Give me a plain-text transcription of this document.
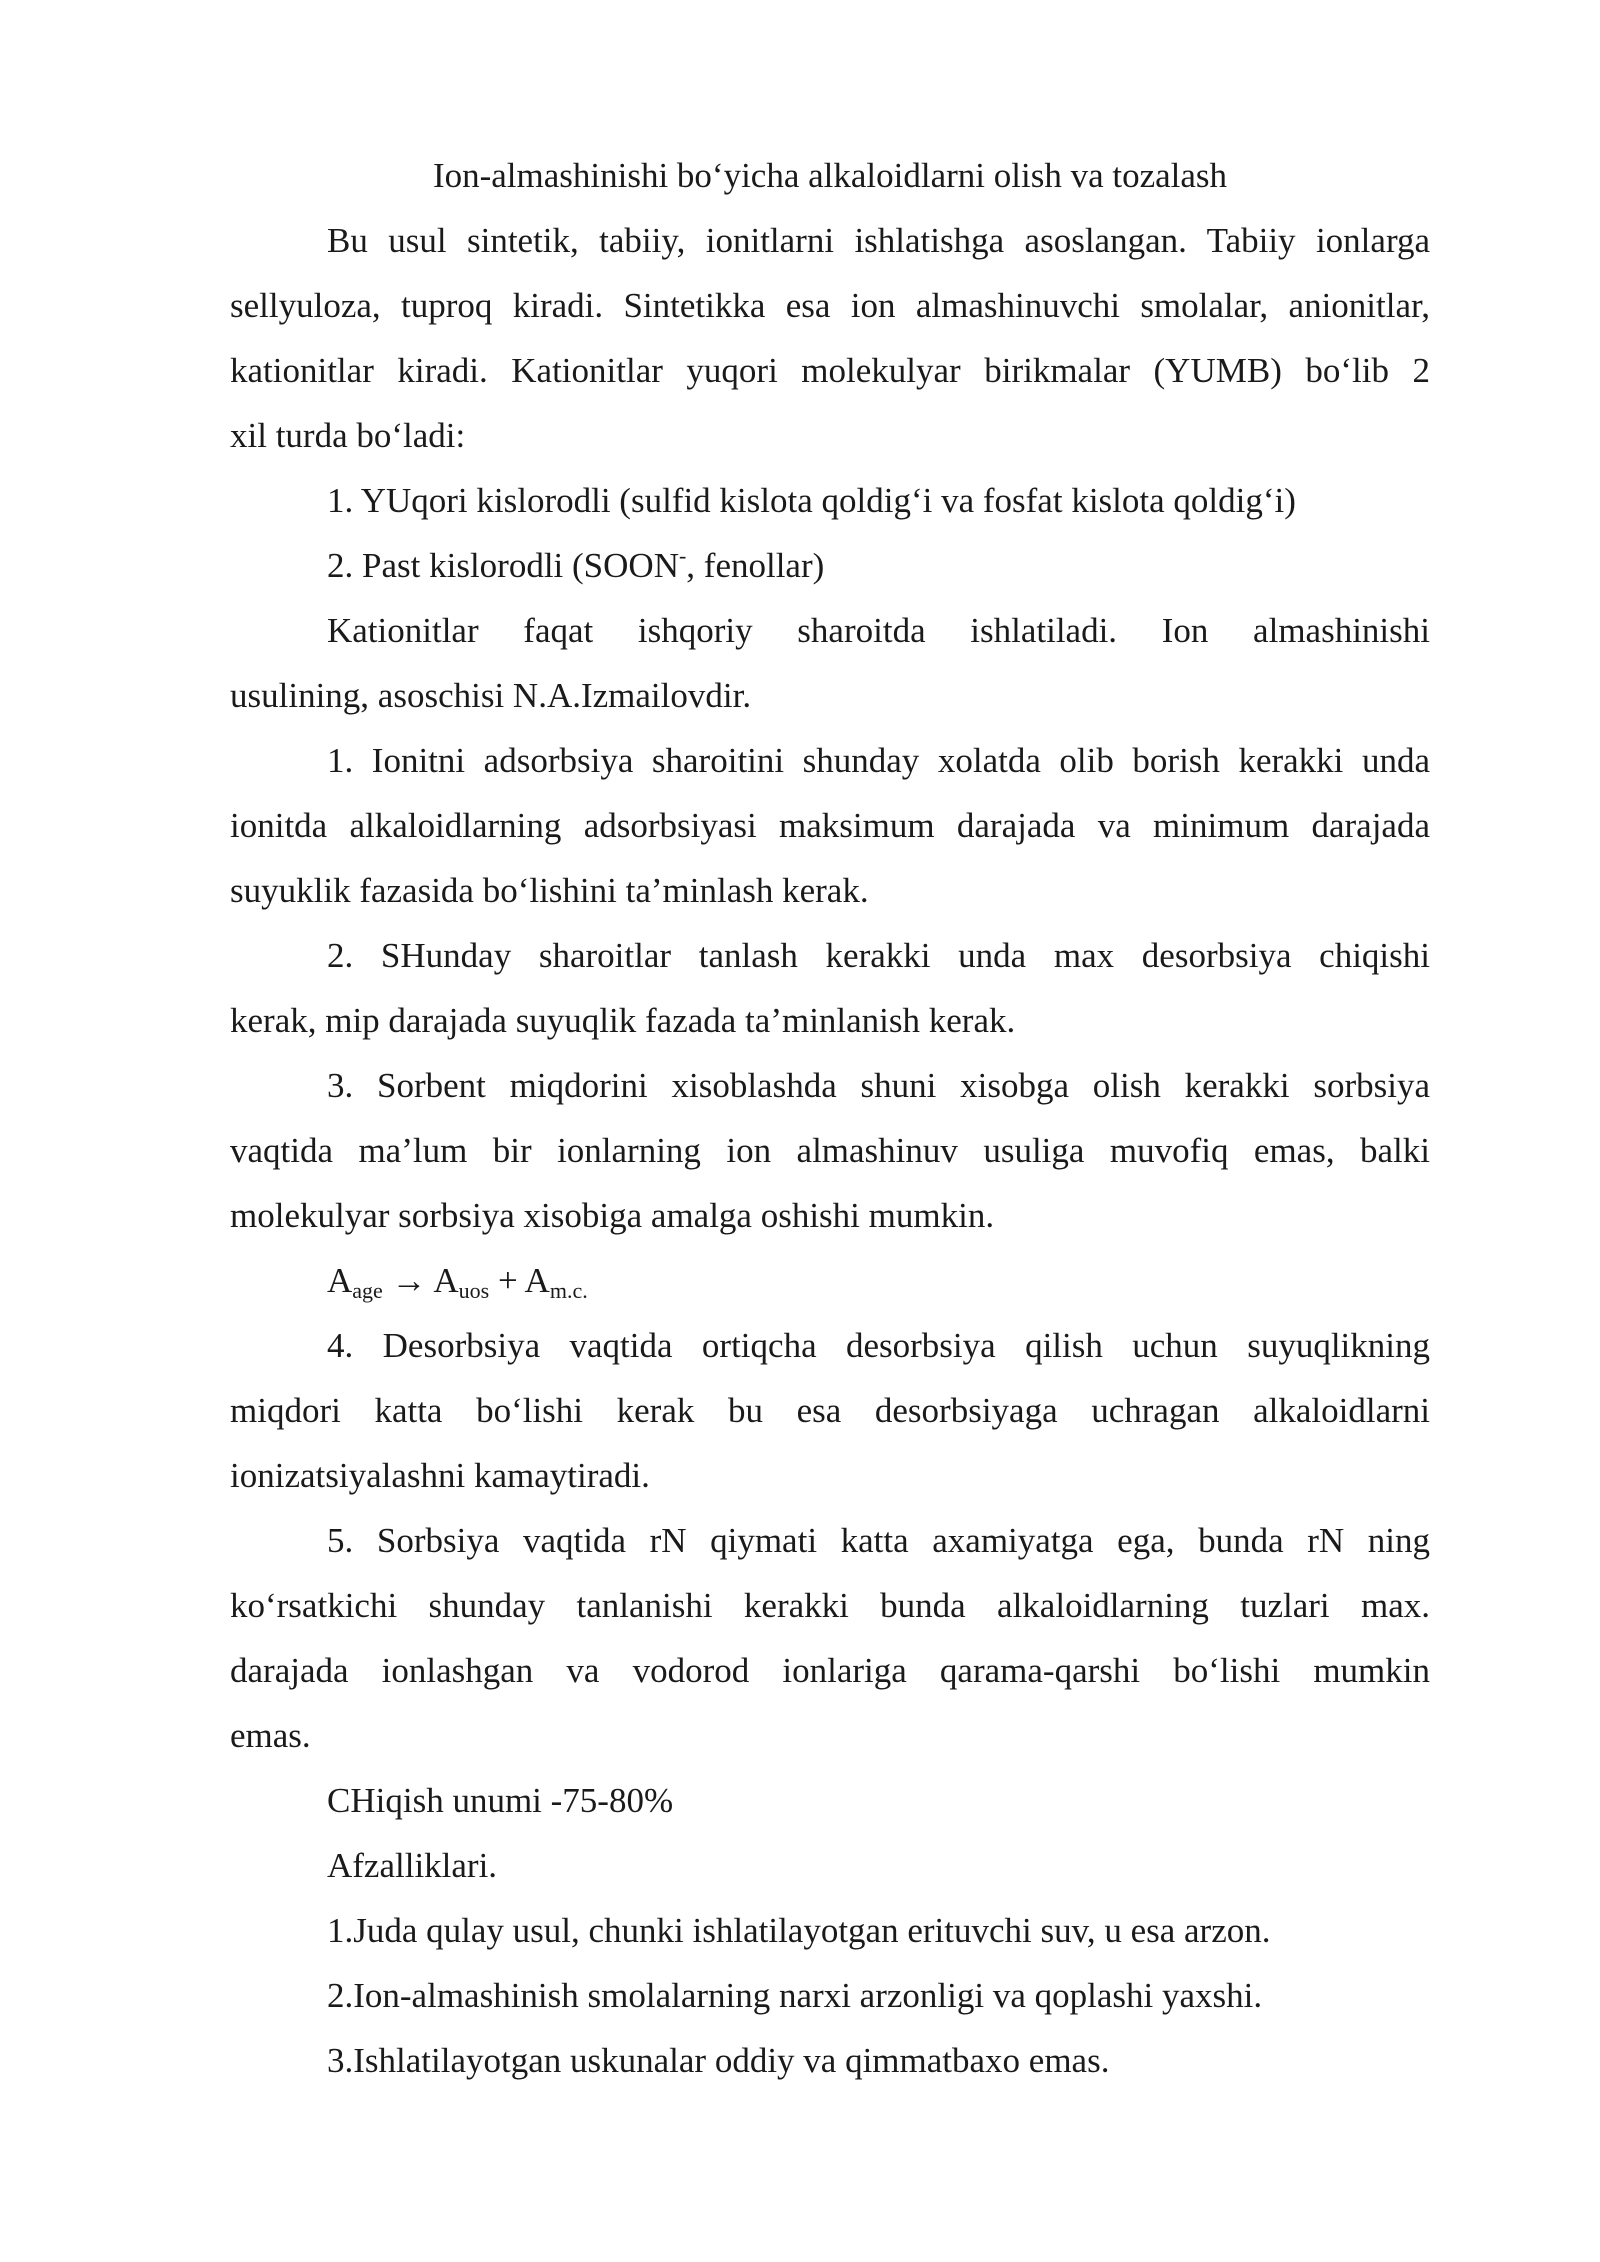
Ion-almashinishi bo‘yicha alkaloidlarni olish va tozalash
Bu usul sintetik, tabiiy, ionitlarni ishlatishga asoslangan. Tabiiy ionlarga
sellyuloza, tuproq kiradi. Sintetikka esa ion almashinuvchi smolalar, anionitlar,
kationitlar kiradi. Kationitlar yuqori molekulyar birikmalar (YUMB) bo‘lib 2
xil turda bo‘ladi:
1. YUqori kislorodli (sulfid kislota qoldig‘i va fosfat kislota qoldig‘i)
2. Past kislorodli (SOON-, fenollar)
Kationitlar faqat ishqoriy sharoitda ishlatiladi. Ion almashinishi
usulining, asoschisi N.A.Izmailovdir.
1. Ionitni adsorbsiya sharoitini shunday xolatda olib borish kerakki unda
ionitda alkaloidlarning adsorbsiyasi maksimum darajada va minimum darajada
suyuklik fazasida bo‘lishini ta’minlash kerak.
2. SHunday sharoitlar tanlash kerakki unda max desorbsiya chiqishi
kerak, mip darajada suyuqlik fazada ta’minlanish kerak.
3. Sorbent miqdorini xisoblashda shuni xisobga olish kerakki sorbsiya
vaqtida ma’lum bir ionlarning ion almashinuv usuliga muvofiq emas, balki
molekulyar sorbsiya xisobiga amalga oshishi mumkin.
$A_{age} \to A_{uos} + A_{m.c.}$
4. Desorbsiya vaqtida ortiqcha desorbsiya qilish uchun suyuqlikning
miqdori katta bo‘lishi kerak bu esa desorbsiyaga uchragan alkaloidlarni
ionizatsiyalashni kamaytiradi.
5. Sorbsiya vaqtida rN qiymati katta axamiyatga ega, bunda rN ning
ko‘rsatkichi shunday tanlanishi kerakki bunda alkaloidlarning tuzlari max.
darajada ionlashgan va vodorod ionlariga qarama-qarshi bo‘lishi mumkin
emas.
CHiqish unumi -75-80%
Afzalliklari.
1.Juda qulay usul, chunki ishlatilayotgan erituvchi suv, u esa arzon.
2.Ion-almashinish smolalarning narxi arzonligi va qoplashi yaxshi.
3.Ishlatilayotgan uskunalar oddiy va qimmatbaxo emas.
